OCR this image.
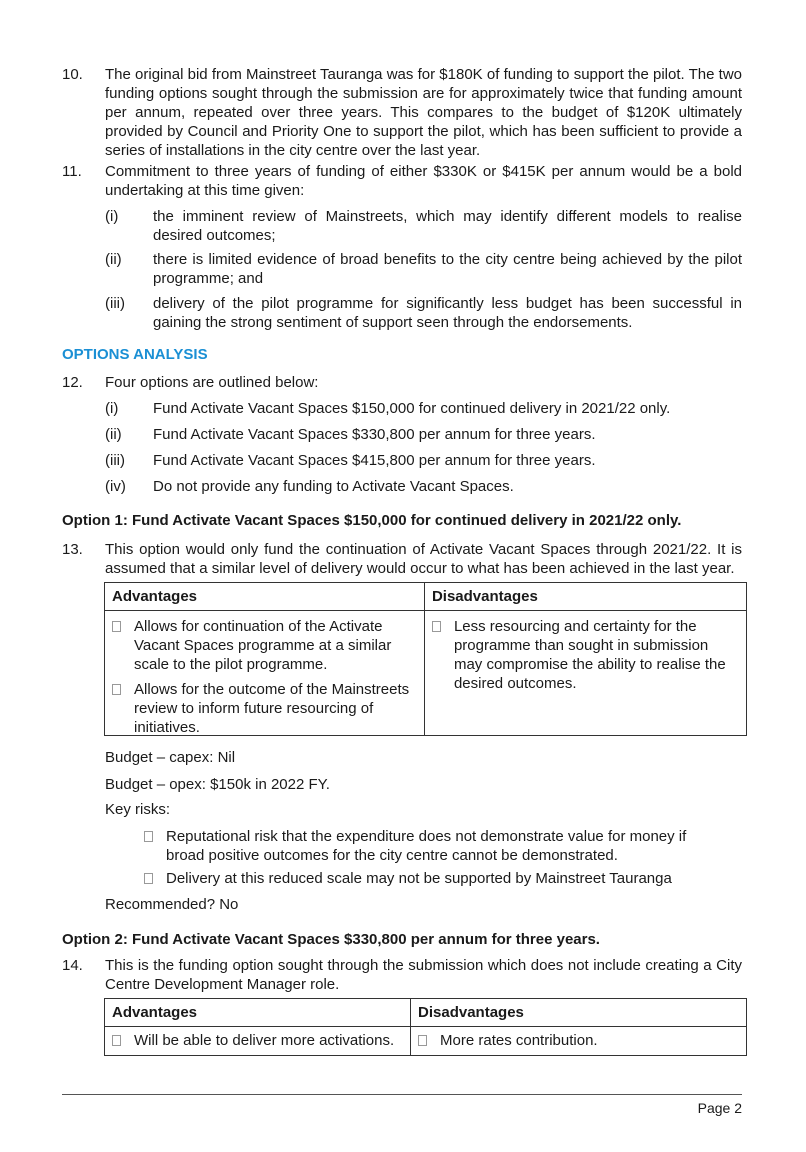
10.	The original bid from Mainstreet Tauranga was for $180K of funding to support the pilot. The two funding options sought through the submission are for approximately twice that funding amount per annum, repeated over three years. This compares to the budget of $120K ultimately provided by Council and Priority One to support the pilot, which has been sufficient to provide a series of installations in the city centre over the last year.
11.	Commitment to three years of funding of either $330K or $415K per annum would be a bold undertaking at this time given:
(i)	the imminent review of Mainstreets, which may identify different models to realise desired outcomes;
(ii)	there is limited evidence of broad benefits to the city centre being achieved by the pilot programme; and
(iii)	delivery of the pilot programme for significantly less budget has been successful in gaining the strong sentiment of support seen through the endorsements.
OPTIONS ANALYSIS
12.	Four options are outlined below:
(i)	Fund Activate Vacant Spaces $150,000 for continued delivery in 2021/22 only.
(ii)	Fund Activate Vacant Spaces $330,800 per annum for three years.
(iii)	Fund Activate Vacant Spaces $415,800 per annum for three years.
(iv)	Do not provide any funding to Activate Vacant Spaces.
Option 1: Fund Activate Vacant Spaces $150,000 for continued delivery in 2021/22 only.
13.	This option would only fund the continuation of Activate Vacant Spaces through 2021/22. It is assumed that a similar level of delivery would occur to what has been achieved in the last year.
Advantages	Disadvantages

Allows for continuation of the Activate Vacant Spaces programme at a similar scale to the pilot programme.
Allows for the outcome of the Mainstreets review to inform future resourcing of initiatives.	Less resourcing and certainty for the programme than sought in submission may compromise the ability to realise the desired outcomes.
Budget – capex: Nil
Budget – opex: $150k in 2022 FY.
Key risks:
Reputational risk that the expenditure does not demonstrate value for money if broad positive outcomes for the city centre cannot be demonstrated.
Delivery at this reduced scale may not be supported by Mainstreet Tauranga
Recommended? No
Option 2: Fund Activate Vacant Spaces $330,800 per annum for three years.
14.	This is the funding option sought through the submission which does not include creating a City Centre Development Manager role.
Advantages	Disadvantages

Will be able to deliver more activations.	More rates contribution.
Page 2
